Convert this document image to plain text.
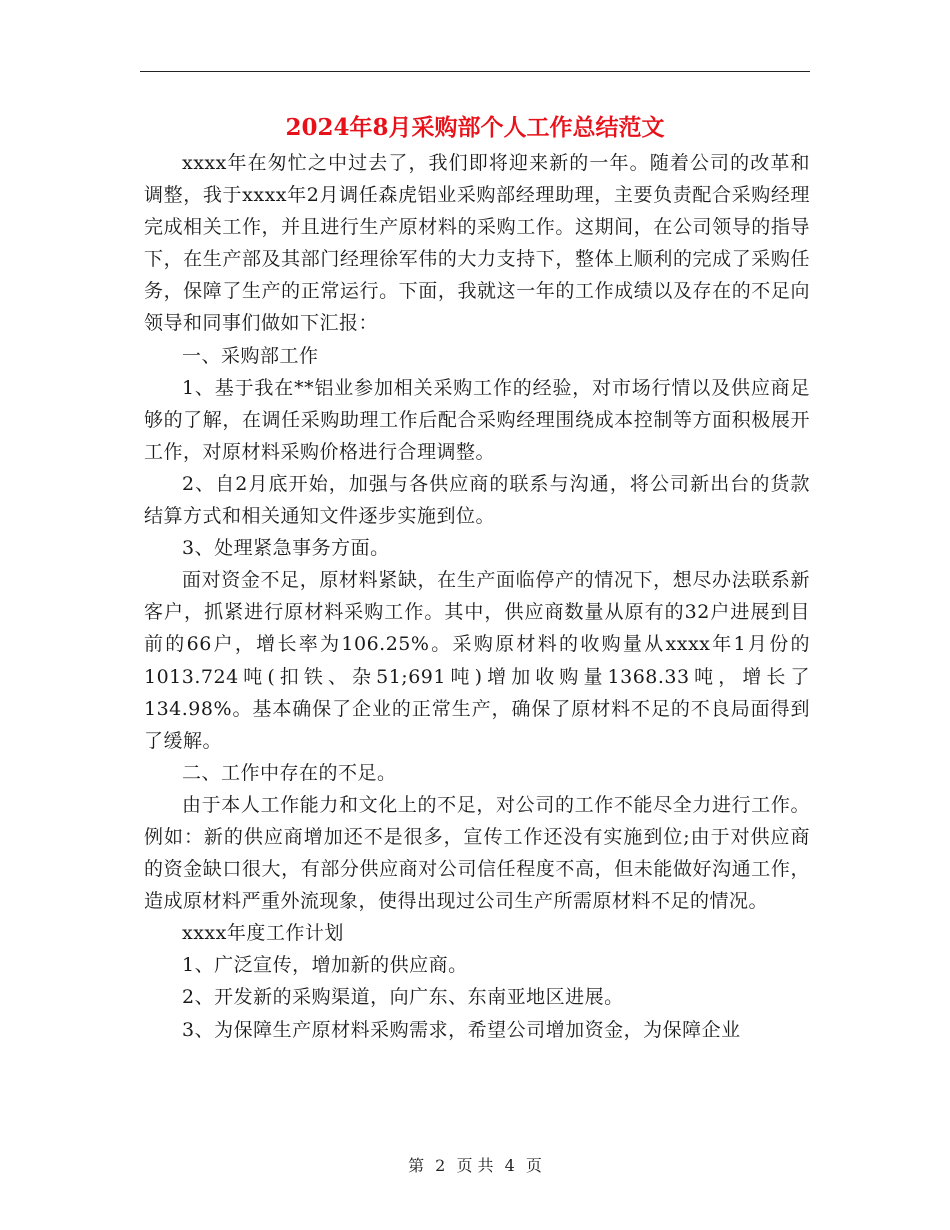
2024年8月采购部个人工作总结范文

xxxx年在匆忙之中过去了，我们即将迎来新的一年。随着公司的改革和调整，我于xxxx年2月调任森虎铝业采购部经理助理，主要负责配合采购经理完成相关工作，并且进行生产原材料的采购工作。这期间，在公司领导的指导下，在生产部及其部门经理徐军伟的大力支持下，整体上顺利的完成了采购任务，保障了生产的正常运行。下面，我就这一年的工作成绩以及存在的不足向领导和同事们做如下汇报：

一、采购部工作

1、基于我在**铝业参加相关采购工作的经验，对市场行情以及供应商足够的了解，在调任采购助理工作后配合采购经理围绕成本控制等方面积极展开工作，对原材料采购价格进行合理调整。

2、自2月底开始，加强与各供应商的联系与沟通，将公司新出台的货款结算方式和相关通知文件逐步实施到位。

3、处理紧急事务方面。

面对资金不足，原材料紧缺，在生产面临停产的情况下，想尽办法联系新客户，抓紧进行原材料采购工作。其中，供应商数量从原有的32户进展到目前的66户，增长率为106.25%。采购原材料的收购量从xxxx年1月份的1013.724吨(扣铁、杂51;691吨)增加收购量1368.33吨，增长了134.98%。基本确保了企业的正常生产，确保了原材料不足的不良局面得到了缓解。

二、工作中存在的不足。

由于本人工作能力和文化上的不足，对公司的工作不能尽全力进行工作。例如：新的供应商增加还不是很多，宣传工作还没有实施到位;由于对供应商的资金缺口很大，有部分供应商对公司信任程度不高，但未能做好沟通工作，造成原材料严重外流现象，使得出现过公司生产所需原材料不足的情况。

xxxx年度工作计划

1、广泛宣传，增加新的供应商。

2、开发新的采购渠道，向广东、东南亚地区进展。

3、为保障生产原材料采购需求，希望公司增加资金，为保障企业

第 2 页 共 4 页
